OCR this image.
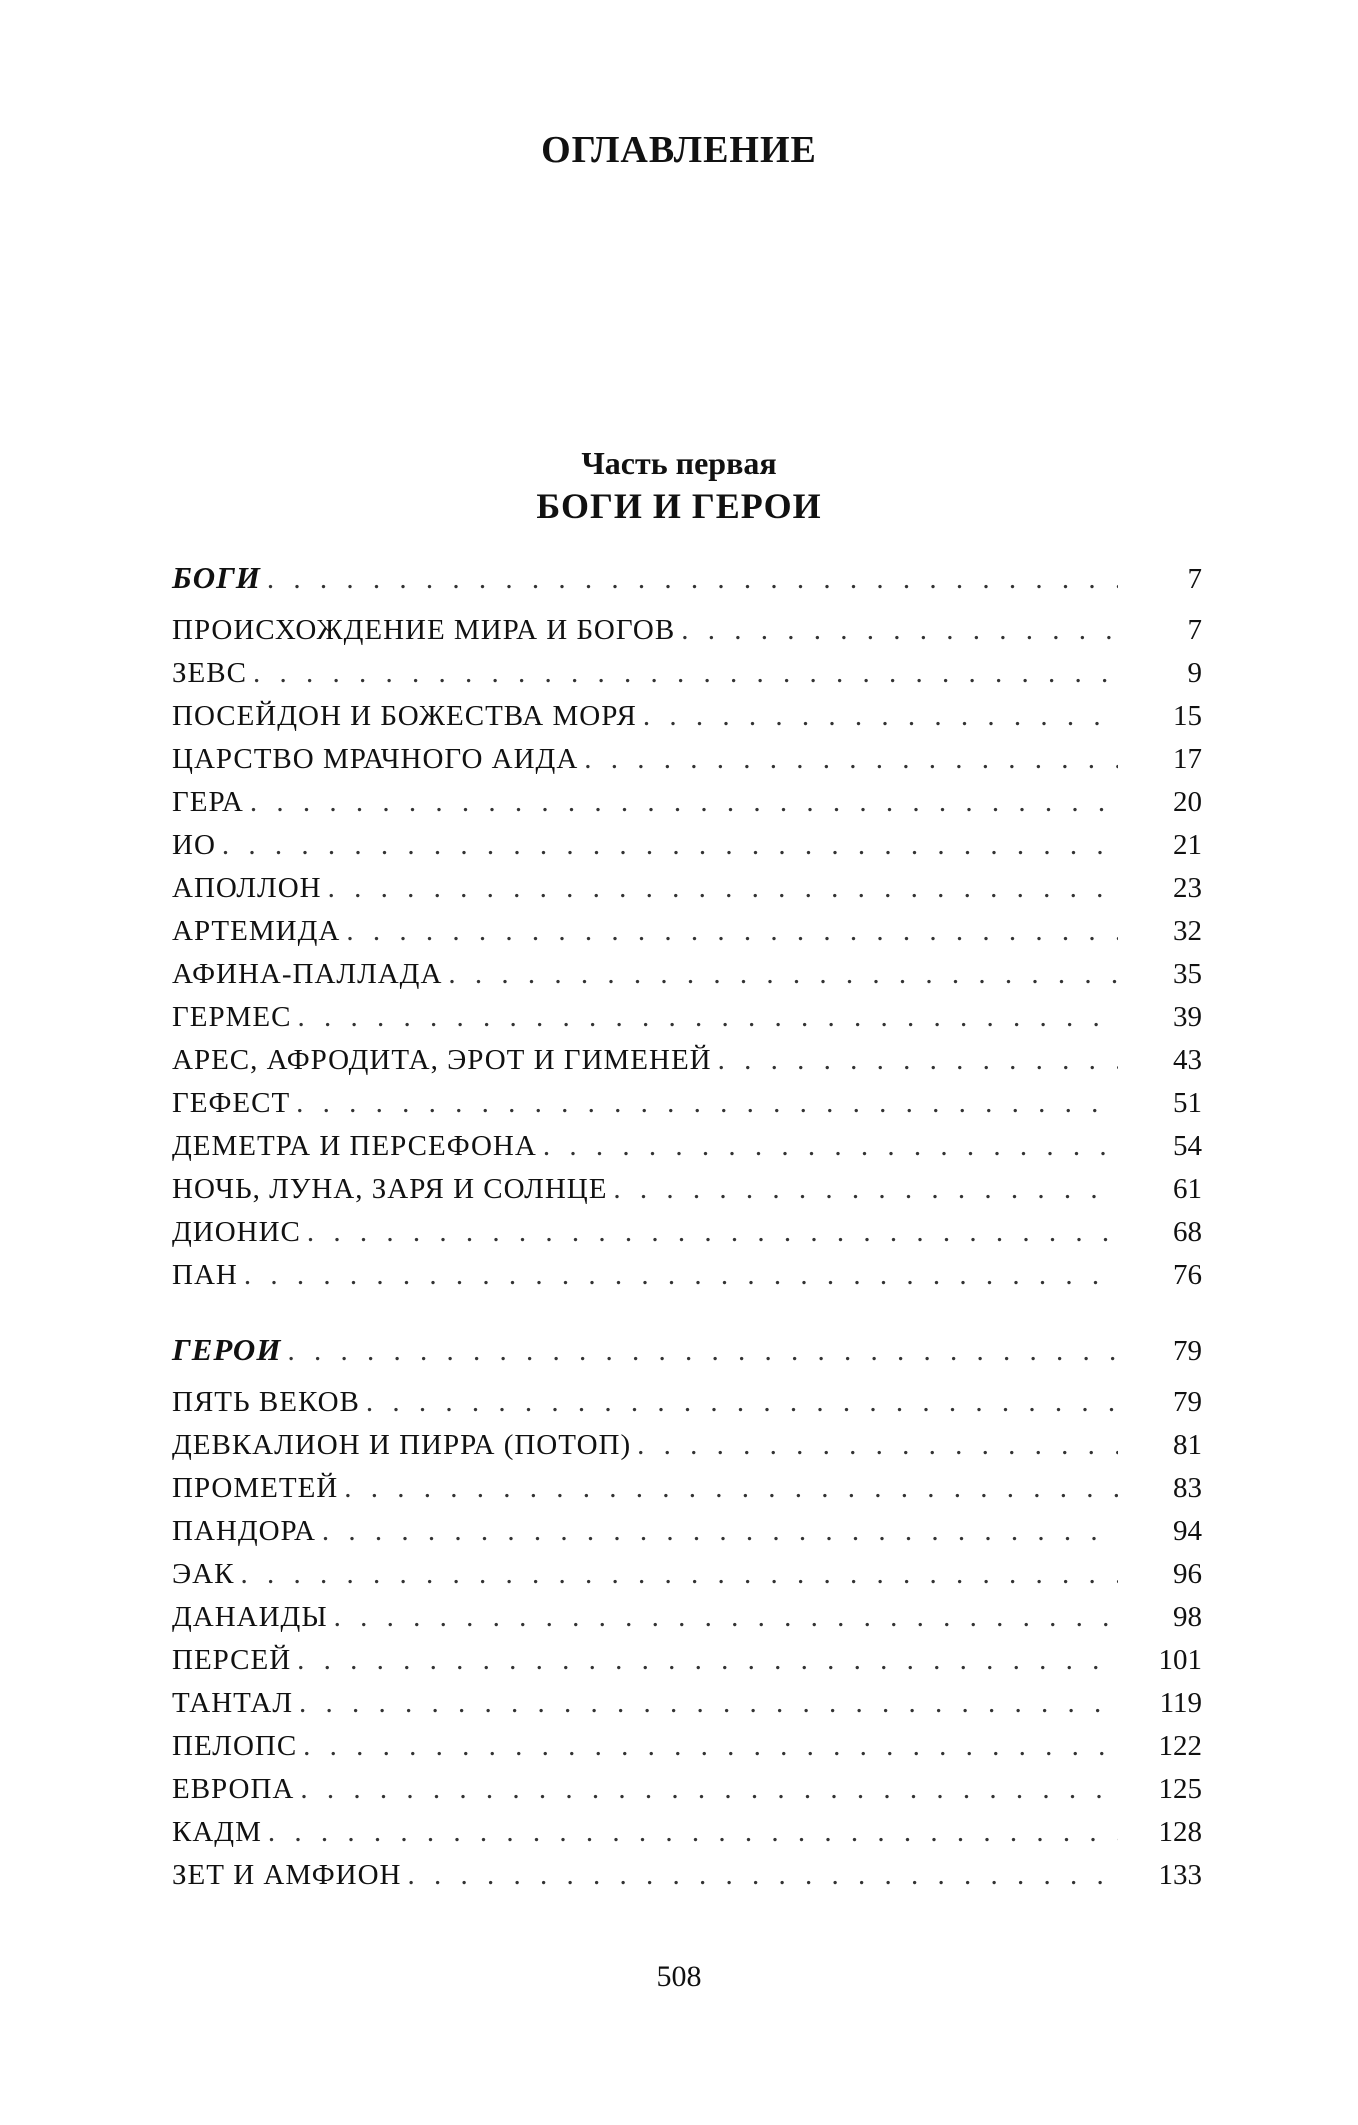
ОГЛАВЛЕНИЕ
Часть первая
БОГИ И ГЕРОИ
БОГИ . . .	7
ПРОИСХОЖДЕНИЕ МИРА И БОГОВ . . .	7
ЗЕВС . . .	9
ПОСЕЙДОН И БОЖЕСТВА МОРЯ . . .	15
ЦАРСТВО МРАЧНОГО АИДА . . .	17
ГЕРА . . .	20
ИО . . .	21
АПОЛЛОН . . .	23
АРТЕМИДА . . .	32
АФИНА-ПАЛЛАДА . . .	35
ГЕРМЕС . . .	39
АРЕС, АФРОДИТА, ЭРОТ И ГИМЕНЕЙ . . .	43
ГЕФЕСТ . . .	51
ДЕМЕТРА И ПЕРСЕФОНА . . .	54
НОЧЬ, ЛУНА, ЗАРЯ И СОЛНЦЕ . . .	61
ДИОНИС . . .	68
ПАН . . .	76
ГЕРОИ . . .	79
ПЯТЬ ВЕКОВ . . .	79
ДЕВКАЛИОН И ПИРРА (ПОТОП) . . .	81
ПРОМЕТЕЙ . . .	83
ПАНДОРА . . .	94
ЭАК . . .	96
ДАНАИДЫ . . .	98
ПЕРСЕЙ . . .	101
ТАНТАЛ . . .	119
ПЕЛОПС . . .	122
ЕВРОПА . . .	125
КАДМ . . .	128
ЗЕТ И АМФИОН . . .	133

508
